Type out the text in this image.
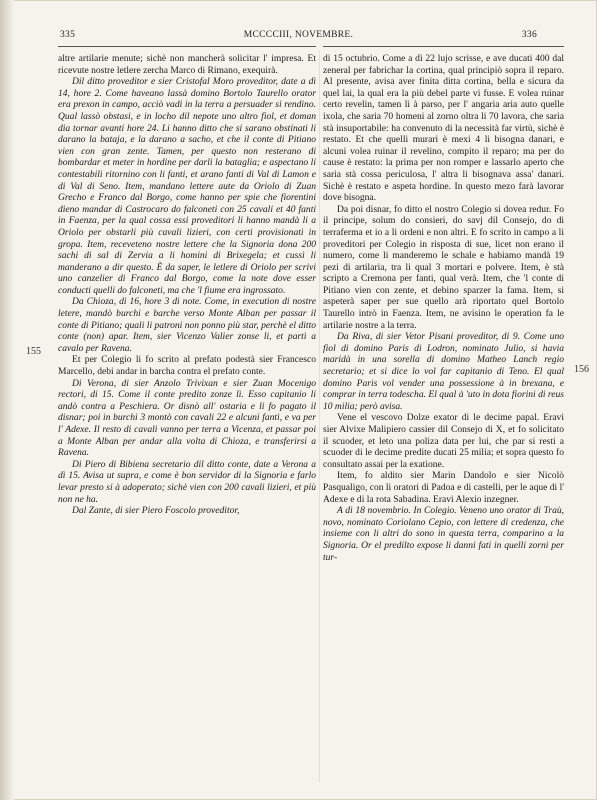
335	MCCCCIII, NOVEMBRE.	336
155
156

altre artilarie menute; sichè non mancherà solicitar l' impresa. Et ricevute nostre letlere zercha Marco di Rimano, exequirà.

Dil ditto proveditor e sier Cristofal Moro proveditor, date a dì 14, hore 2. Come haveano lassà domino Bortolo Taurello orator era prexon in campo, acciò vadi in la terra a persuader si rendino. Qual lassò obstasi, e in locho dil nepote uno altro fiol, et doman dia tornar avanti hore 24. Li hanno ditto che si sarano obstinati li darano la bataja, e la darano a sacho, et che il conte di Pitiano vien con gran zente. Tamen, per questo non resterano di bombardar et meter in hordine per darli la bataglia; e aspectano li contestabili ritornino con li fanti, et arano fanti di Val di Lamon e di Val di Seno. Item, mandano lettere aute da Oriolo di Zuan Grecho e Franco dal Borgo, come hanno per spie che fiorentini dieno mandar di Castrocaro do falconeti con 25 cavali et 40 fanti in Faenza, per la qual cossa essi proveditori li hanno mandà li a Oriolo per obstarli più cavali lizieri, con certi provisionati in gropa. Item, receveteno nostre lettere che la Signoria dona 200 sachi di sal di Zervia a li homini di Brixegela; et cussì li manderano a dir questo. È da saper, le letlere di Oriolo per scrivi uno canzelier di Franco dal Borgo, come la note dove esser conducti quelli do falconeti, ma che 'l fiume era ingrossato.

Da Chioza, di 16, hore 3 di note. Come, in execution di nostre letere, mandò burchi e barche verso Monte Alban per passar il conte di Pitiano; quali li patroni non ponno più star, perchè el ditto conte (non) apar. Item, sier Vicenzo Valier zonse li, et partì a cavalo per Ravena.

Et per Colegio li fo scrito al prefato podestà sier Francesco Marcello, debi andar in barcha contra el prefato conte.

Di Verona, di sier Anzolo Trivixan e sier Zuan Mocenigo rectori, di 15. Come il conte predito zonze lì. Esso capitanio li andò contra a Peschiera. Or disnò all' ostaria e li fo pagato il disnar; poi in burchi 3 montò con cavali 22 e alcuni fanti, e va per l' Adexe. Il resto di cavali vanno per terra a Vicenza, et passar poi a Monte Alban per andar alla volta di Chioza, e transferirsi a Ravena.

Di Piero di Bibiena secretario dil ditto conte, date a Verona a dì 15. Avisa ut supra, e come è bon servidor di la Signoria e farlo levar presto si à adoperato; sichè vien con 200 cavali lizieri, et più non ne ha.

Dal Zante, di sier Piero Foscolo proveditor,

di 15 octubrio. Come a dì 22 lujo scrisse, e ave ducati 400 dal zeneral per fabrichar la cortina, qual principiò sopra il reparo. Al presente, avisa aver finita ditta cortina, bella e sicura da quel lai, la qual era la più debel parte vi fusse. E volea ruinar certo revelin, tamen lì à parso, per l' angaria aria auto quelle ixola, che saria 70 homeni al zorno oltra li 70 lavora, che saria stà insuportabile: ha convenuto di la necessità far virtù, sichè è restato. Et che quelli murari è mexi 4 li bisogna danari, e alcuni volea ruinar il revelino, compito il reparo; ma per do cause è restato: la prima per non romper e lassarlo aperto che saria stà cossa periculosa, l' altra li bisognava assa' danari. Sichè è restato e aspeta hordine. In questo mezo farà lavorar dove bisogna.

Da poi disnar, fo ditto el nostro Colegio si dovea redur. Fo il principe, solum do consieri, do savj dil Consejo, do di terraferma et io a li ordeni e non altri. E fo scrito in campo a li proveditori per Colegio in risposta di sue, licet non erano il numero, come li manderemo le schale e habiamo mandà 19 pezi di artilaria, tra li qual 3 mortari e polvere. Item, è stà scripto a Cremona per fanti, qual verà. Item, che 'l conte di Pitiano vien con zente, et debino sparzer la fama. Item, si aspeterà saper per sue quello arà riportato quel Bortolo Taurello intrò in Faenza. Item, ne avisino le operation fa le artilarie nostre a la terra.

Da Riva, di sier Vetor Pisani proveditor, di 9. Come uno fiol di domino Paris di Lodron, nominato Julio, si havia maridà in una sorella di domino Matheo Lanch regio secretario; et si dice lo vol far capitanio di Teno. El qual domino Paris vol vender una possessione à in brexana, e comprar in terra todescha. El qual à 'uto in dota fiorini di reus 10 milia; però avisa.

Vene el vescovo Dolze exator di le decime papal. Eravi sier Alvixe Malipiero cassier dil Consejo di X, et fo solicitato il scuoder, et leto una poliza data per lui, che par si resti a scuoder di le decime predite ducati 25 milia; et sopra questo fo consultato assai per la exatione.

Item, fo aldito sier Marin Dandolo e sier Nicolò Pasqualigo, con li oratori di Padoa e di castelli, per le aque di l' Adexe e di la rota Sabadina. Eravi Alexio inzegner.

A dì 18 novembrio. In Colegio. Veneno uno orator di Traù, novo, nominato Coriolano Cepio, con lettere di credenza, che insieme con li altri do sono in questa terra, comparino a la Signoria. Or el predilto expose li danni fati in quelli zorni per tur-
